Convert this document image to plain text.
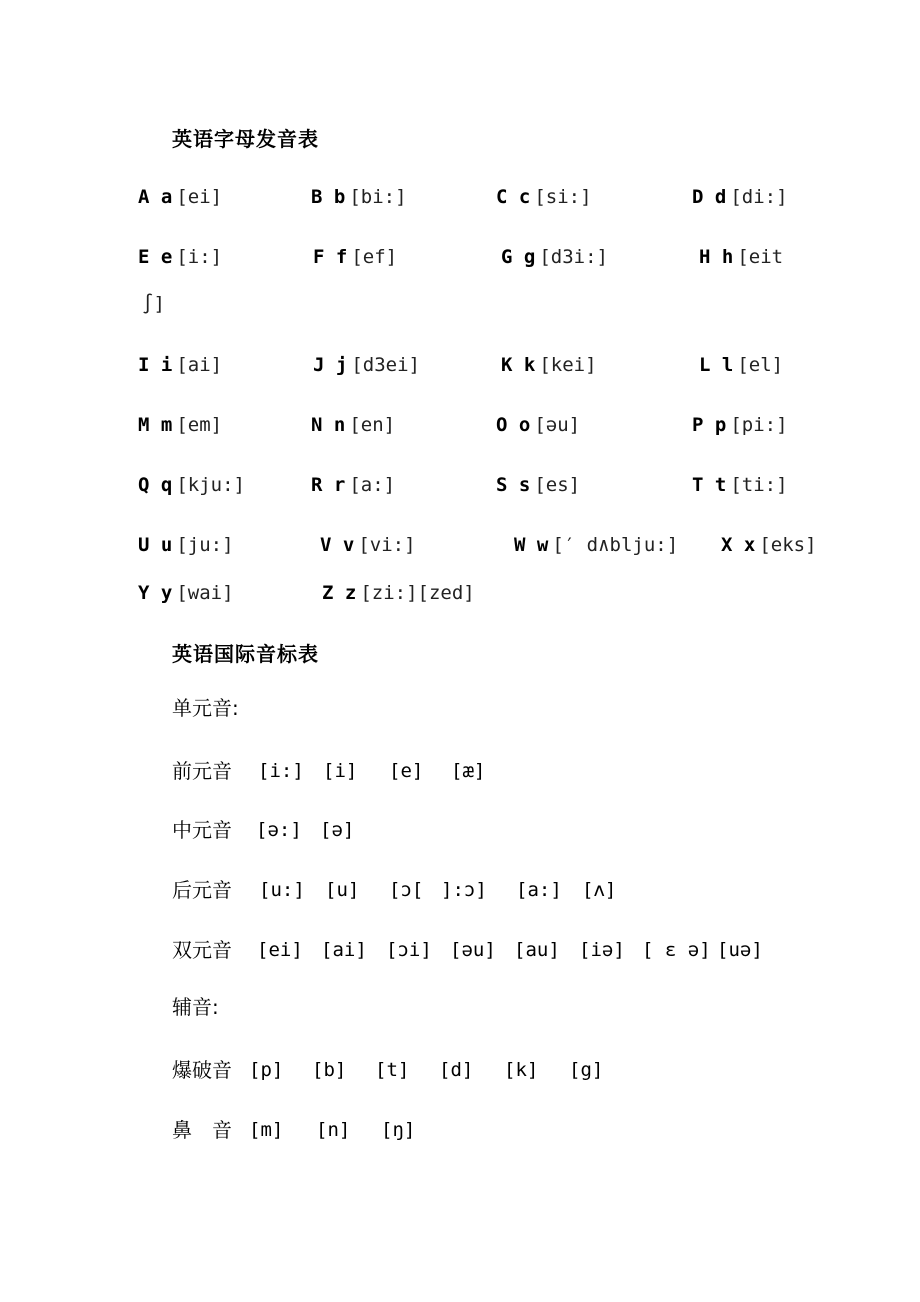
英语字母发音表
A a [ei]	B b [bi:]	C c [si:]	D d [di:]
E e [i:]	F f [ef]	G g [d3i:]	H h [eit
∫]
I i [ai]	J j [d3ei]	K k [kei]	L l [el]
M m [em]	N n [en]	O o [əu]	P p [pi:]
Q q [kju:]	R r [a:]	S s [es]	T t [ti:]
U u [ju:]	V v [vi:]	W w [′ d∧blju:] X x [eks]
Y y [wai]	Z z [zi:][zed]
英语国际音标表
单元音:
前元音 [i:] [i] [e] [æ]
中元音 [ə:] [ə]
后元音 [u:] [u] [ɔ[ ]:ɔ] [a:] [ʌ]
双元音 [ei] [ai] [ɔi] [əu] [au] [iə] [ ε ə] [uə]
辅音:
爆破音 [p] [b] [t] [d] [k] [g]
鼻　音 [m] [n] [ŋ]
